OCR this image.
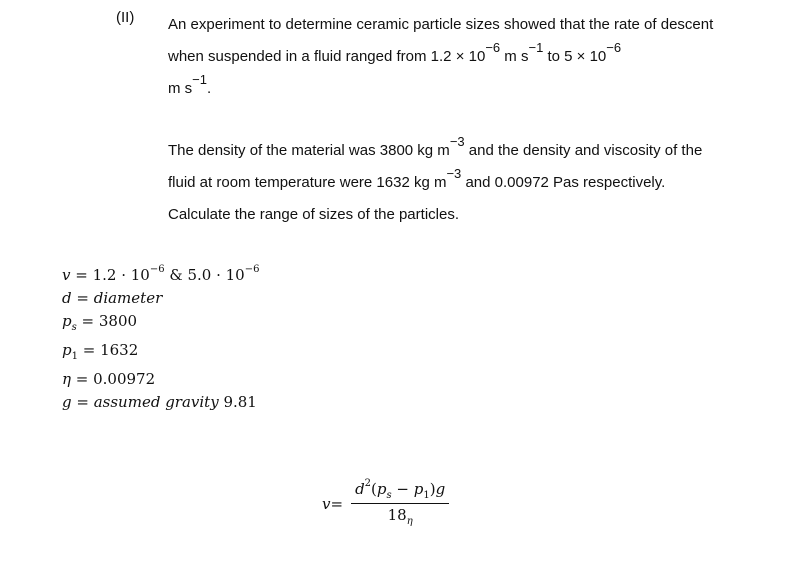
(II) An experiment to determine ceramic particle sizes showed that the rate of descent when suspended in a fluid ranged from $1.2 \times 10^{-6}$ m $s^{-1}$ to $5 \times 10^{-6}$
m $s^{-1}$.

The density of the material was 3800 kg $m^{-3}$ and the density and viscosity of the fluid at room temperature were 1632 kg $m^{-3}$ and 0.00972 Pas respectively. Calculate the range of sizes of the particles.

$v = 1.2 \cdot 10^{-6}$ & $5.0 \cdot 10^{-6}$
d = diameter
$p_s = 3800$
$p_1 = 1632$
η = 0.00972
g = assumed gravity 9.81
$v = \frac{d^2(p_s - p_1)g}{18_\eta}$
